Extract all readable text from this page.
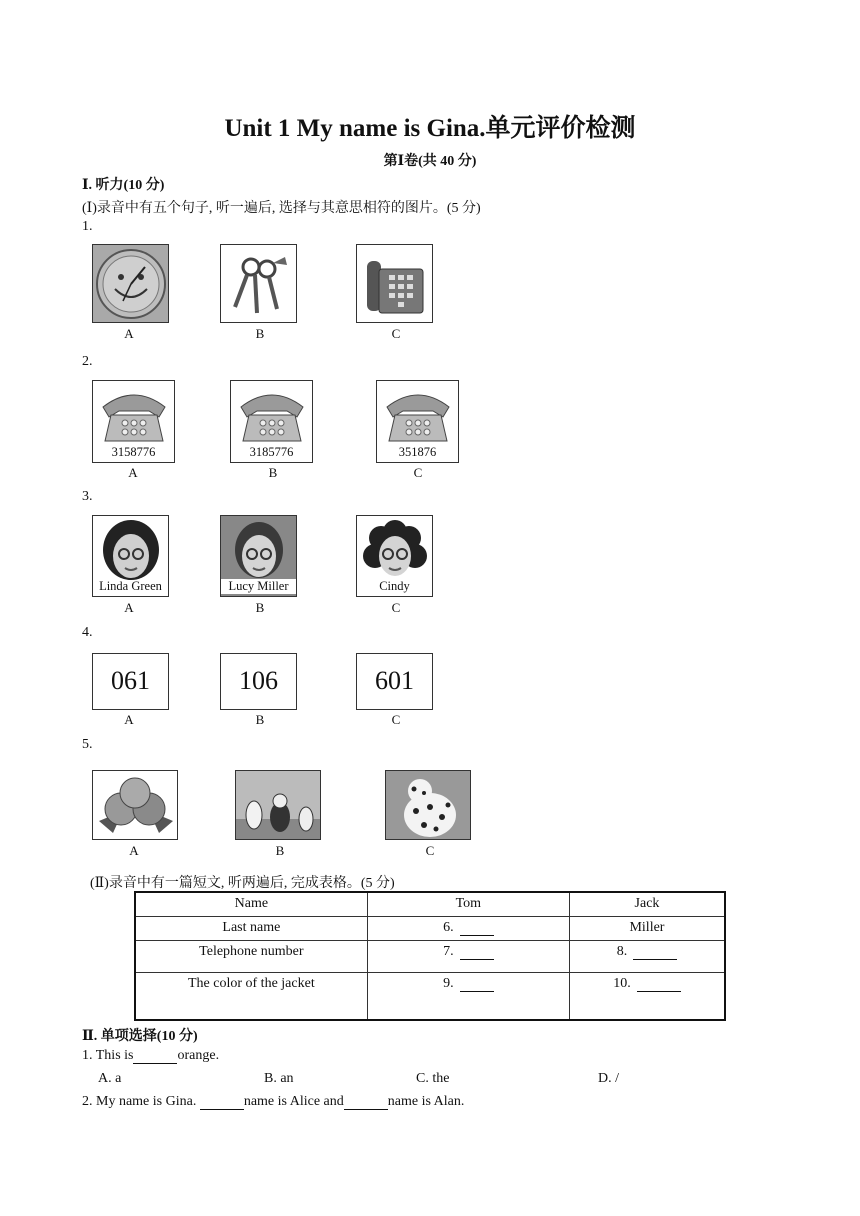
Unit 1 My name is Gina.单元评价检测
第Ⅰ卷(共 40 分)
Ⅰ. 听力(10 分)
(Ⅰ)录音中有五个句子, 听一遍后, 选择与其意思相符的图片。(5 分)
1.
A	B	C
2.
3158776
A
3185776
B
351876
C
3.
Linda Green
A
Lucy Miller
B
Cindy
C
4.
061
A
106
B
601
C
5.
A	B	C
(Ⅱ)录音中有一篇短文, 听两遍后, 完成表格。(5 分)
Name	Tom	Jack
Last name	6.	Miller
Telephone number	7.	8.
The color of the jacket	9.	10.
Ⅱ. 单项选择(10 分)
1. This is	orange.
A. a	B. an	C. the	D. /
2. My name is Gina.	name is Alice and	name is Alan.
